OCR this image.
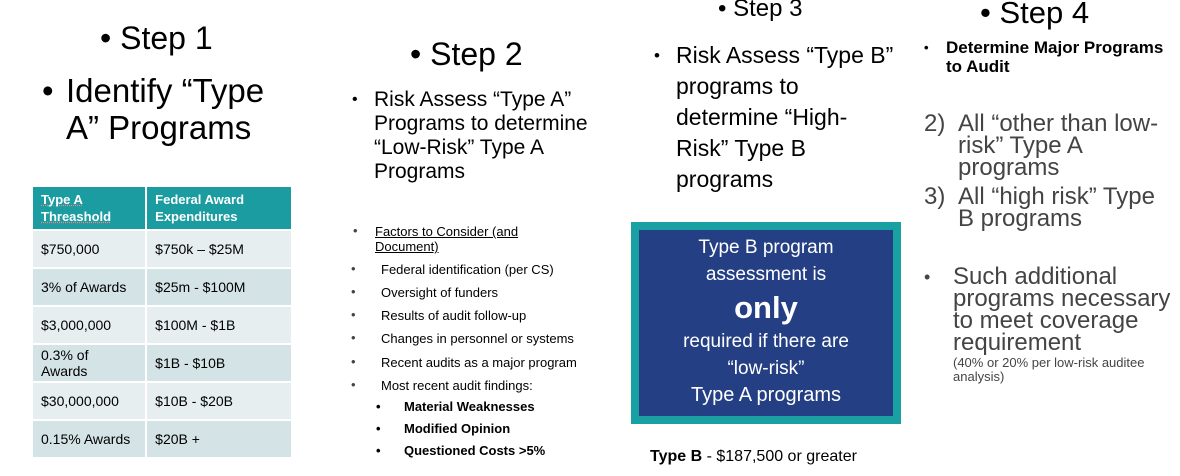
• Step 1
• Identify “Type A” Programs
Type A Threashold	Federal Award Expenditures
$750,000	$750k – $25M
3% of Awards	$25m - $100M
$3,000,000	$100M - $1B
0.3% of Awards	$1B - $10B
$30,000,000	$10B - $20B
0.15% Awards	$20B +
• Step 2
• Risk Assess “Type A” Programs to determine “Low-Risk” Type A Programs
• Factors to Consider (and Document)
• Federal identification (per CS)
• Oversight of funders
• Results of audit follow-up
• Changes in personnel or systems
• Recent audits as a major program
• Most recent audit findings:
• Material Weaknesses
• Modified Opinion
• Questioned Costs >5%
• Step 3
• Risk Assess “Type B” programs to determine “High-Risk” Type B programs
Type B program
assessment is
only
required if there are
“low-risk”
Type A programs
Type B - $187,500 or greater
• Step 4
• Determine Major Programs to Audit
2) All “other than low-risk” Type A programs
3) All “high risk” Type B programs
• Such additional programs necessary to meet coverage requirement
(40% or 20% per low-risk auditee analysis)
